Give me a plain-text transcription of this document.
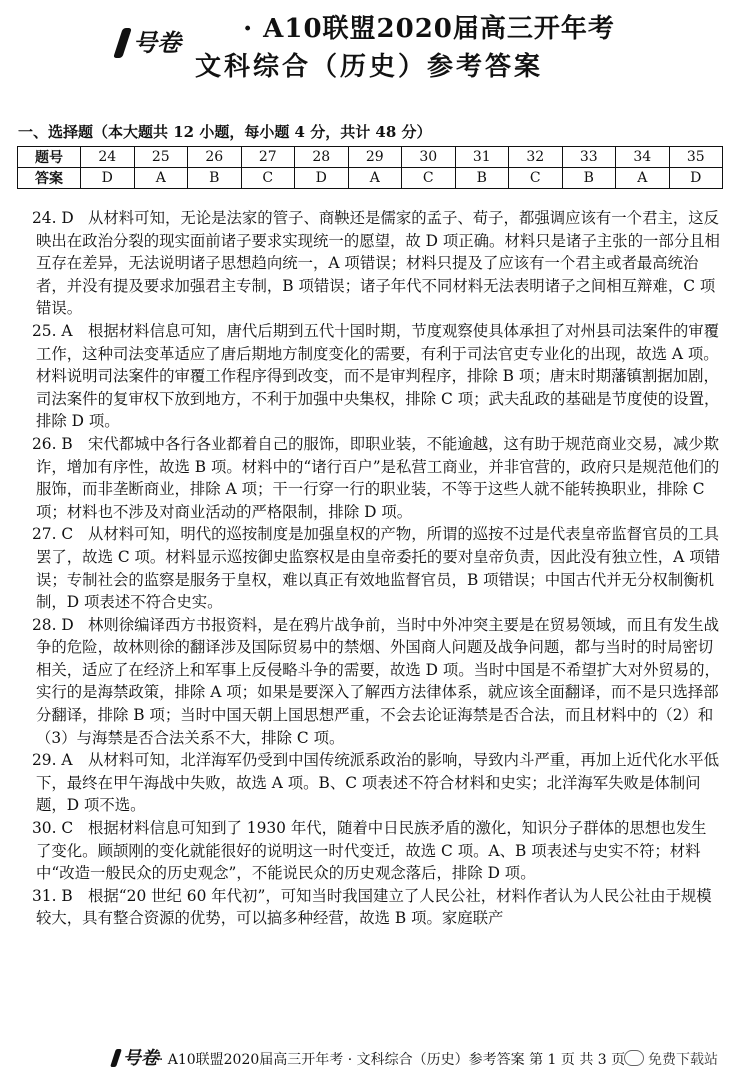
$^{号卷}$	· A10联盟2020届高三开年考
文科综合（历史）参考答案
一、选择题（本大题共 12 小题，每小题 4 分，共计 48 分）
题号	24	25	26	27	28	29	30	31	32	33	34	35
答案	D	A	B	C	D	A	C	B	C	B	A	D
24. D 从材料可知，无论是法家的管子、商鞅还是儒家的孟子、荀子，都强调应该有一个君主，这反映出在政治分裂的现实面前诸子要求实现统一的愿望，故 D 项正确。材料只是诸子主张的一部分且相互存在差异，无法说明诸子思想趋向统一，A 项错误；材料只提及了应该有一个君主或者最高统治者，并没有提及要求加强君主专制，B 项错误；诸子年代不同材料无法表明诸子之间相互辩难，C 项错误。
25. A 根据材料信息可知，唐代后期到五代十国时期，节度观察使具体承担了对州县司法案件的审覆工作，这种司法变革适应了唐后期地方制度变化的需要，有利于司法官吏专业化的出现，故选 A 项。材料说明司法案件的审覆工作程序得到改变，而不是审判程序，排除 B 项；唐末时期藩镇割据加剧，司法案件的复审权下放到地方，不利于加强中央集权，排除 C 项；武夫乱政的基础是节度使的设置，排除 D 项。
26. B 宋代都城中各行各业都着自己的服饰，即职业装，不能逾越，这有助于规范商业交易，减少欺诈，增加有序性，故选 B 项。材料中的“诸行百户”是私营工商业，并非官营的，政府只是规范他们的服饰，而非垄断商业，排除 A 项；干一行穿一行的职业装，不等于这些人就不能转换职业，排除 C 项；材料也不涉及对商业活动的严格限制，排除 D 项。
27. C 从材料可知，明代的巡按制度是加强皇权的产物，所谓的巡按不过是代表皇帝监督官员的工具罢了，故选 C 项。材料显示巡按御史监察权是由皇帝委托的要对皇帝负责，因此没有独立性，A 项错误；专制社会的监察是服务于皇权，难以真正有效地监督官员，B 项错误；中国古代并无分权制衡机制，D 项表述不符合史实。
28. D 林则徐编译西方书报资料，是在鸦片战争前，当时中外冲突主要是在贸易领域，而且有发生战争的危险，故林则徐的翻译涉及国际贸易中的禁烟、外国商人问题及战争问题，都与当时的时局密切相关，适应了在经济上和军事上反侵略斗争的需要，故选 D 项。当时中国是不希望扩大对外贸易的，实行的是海禁政策，排除 A 项；如果是要深入了解西方法律体系，就应该全面翻译，而不是只选择部分翻译，排除 B 项；当时中国天朝上国思想严重，不会去论证海禁是否合法，而且材料中的（2）和（3）与海禁是否合法关系不大，排除 C 项。
29. A 从材料可知，北洋海军仍受到中国传统派系政治的影响，导致内斗严重，再加上近代化水平低下，最终在甲午海战中失败，故选 A 项。B、C 项表述不符合材料和史实；北洋海军失败是体制问题，D 项不选。
30. C 根据材料信息可知到了 1930 年代，随着中日民族矛盾的激化，知识分子群体的思想也发生了变化。顾颉刚的变化就能很好的说明这一时代变迁，故选 C 项。A、B 项表述与史实不符；材料中“改造一般民众的历史观念”，不能说民众的历史观念落后，排除 D 项。
31. B 根据“20 世纪 60 年代初”，可知当时我国建立了人民公社，材料作者认为人民公社由于规模较大，具有整合资源的优势，可以搞多种经营，故选 B 项。家庭联产
号卷· A10联盟2020届高三开年考 · 文科综合（历史）参考答案 第 1 页 共 3 页	免费下载站
